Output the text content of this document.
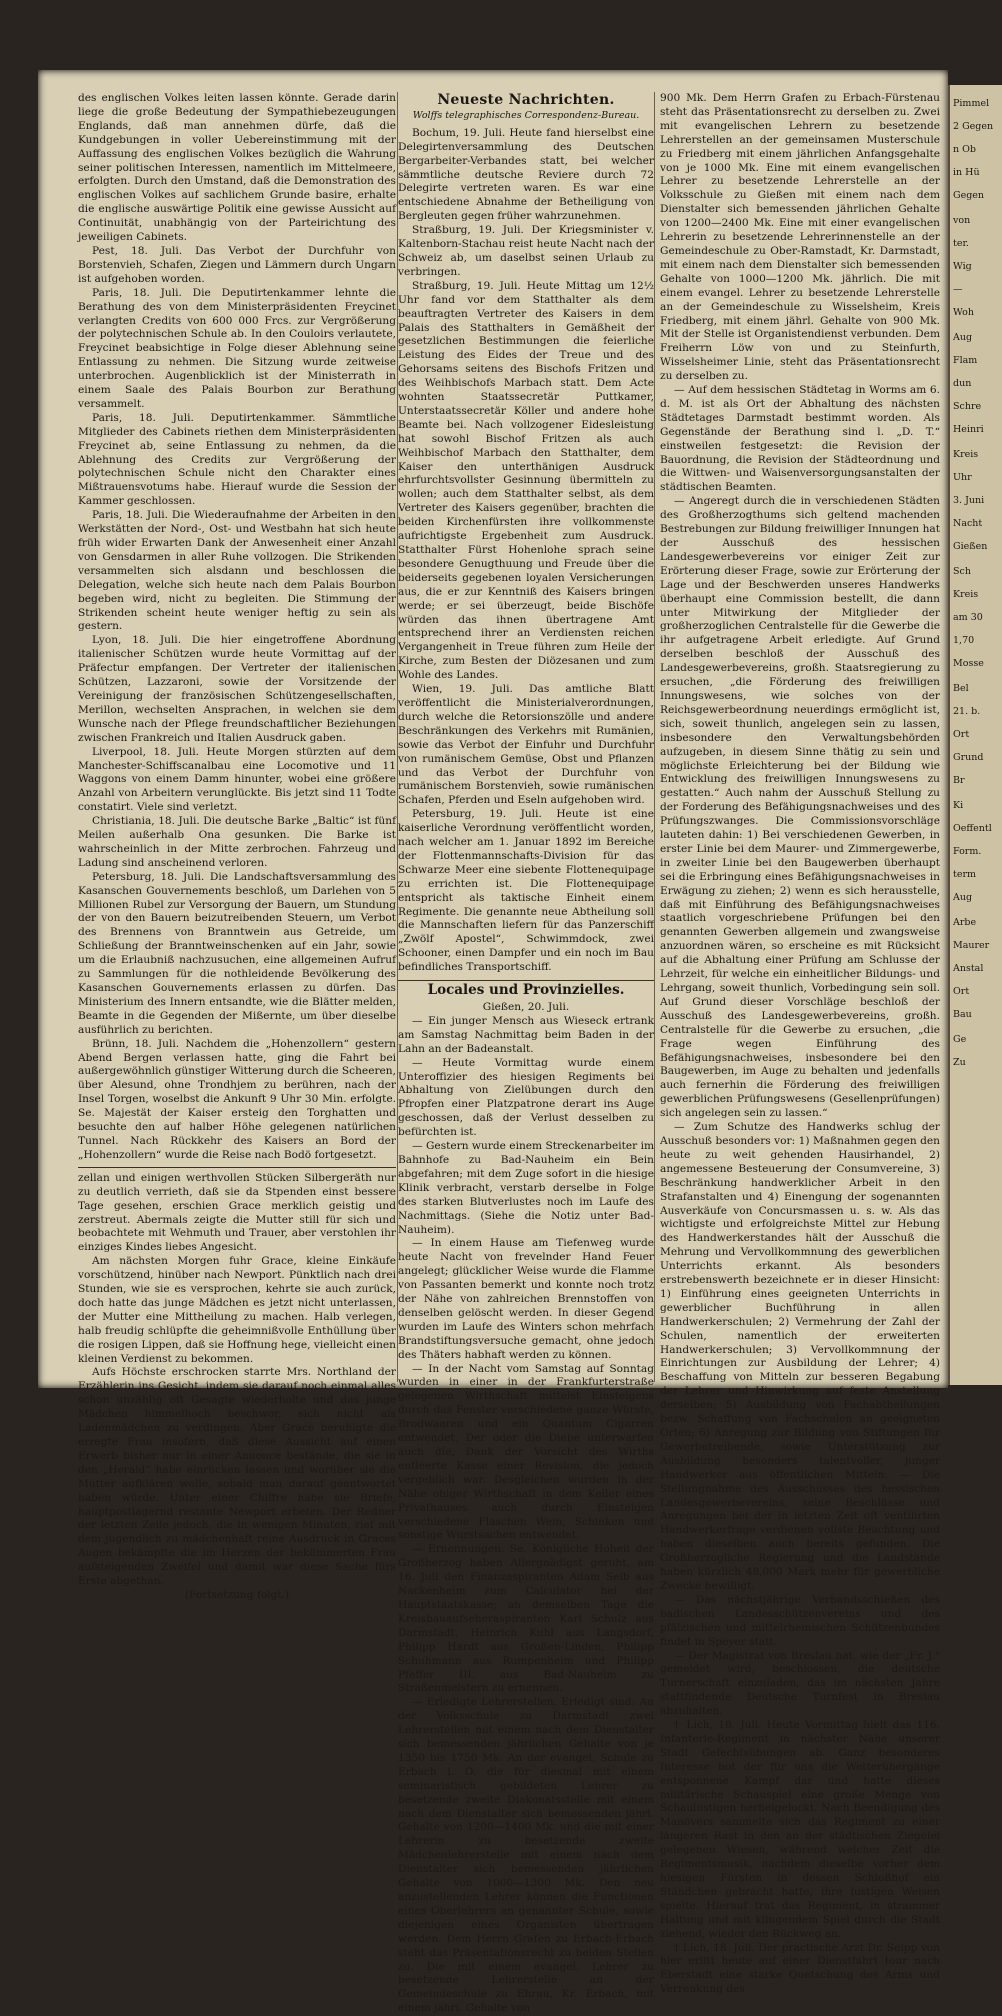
des englischen Volkes leiten lassen könnte. Gerade darin liege die große Bedeutung der Sympathiebezeugungen Englands, daß man annehmen dürfe, daß die Kundgebungen in voller Uebereinstimmung mit der Auffassung des englischen Volkes bezüglich die Wahrung seiner politischen Interessen, namentlich im Mittelmeere, erfolgten. Durch den Umstand, daß die Demonstration des englischen Volkes auf sachlichem Grunde basire, erhalte die englische auswärtige Politik eine gewisse Aussicht auf Continuität, unabhängig von der Parteirichtung des jeweiligen Cabinets.

Pest, 18. Juli. Das Verbot der Durchfuhr von Borstenvieh, Schafen, Ziegen und Lämmern durch Ungarn ist aufgehoben worden.

Paris, 18. Juli. Die Deputirtenkammer lehnte die Berathung des von dem Ministerpräsidenten Freycinet verlangten Credits von 600 000 Frcs. zur Vergrößerung der polytechnischen Schule ab. In den Couloirs verlautete, Freycinet beabsichtige in Folge dieser Ablehnung seine Entlassung zu nehmen. Die Sitzung wurde zeitweise unterbrochen. Augenblicklich ist der Ministerrath in einem Saale des Palais Bourbon zur Berathung versammelt.

Paris, 18. Juli. Deputirtenkammer. Sämmtliche Mitglieder des Cabinets riethen dem Ministerpräsidenten Freycinet ab, seine Entlassung zu nehmen, da die Ablehnung des Credits zur Vergrößerung der polytechnischen Schule nicht den Charakter eines Mißtrauensvotums habe. Hierauf wurde die Session der Kammer geschlossen.

Paris, 18. Juli. Die Wiederaufnahme der Arbeiten in den Werkstätten der Nord-, Ost- und Westbahn hat sich heute früh wider Erwarten Dank der Anwesenheit einer Anzahl von Gensdarmen in aller Ruhe vollzogen. Die Strikenden versammelten sich alsdann und beschlossen die Delegation, welche sich heute nach dem Palais Bourbon begeben wird, nicht zu begleiten. Die Stimmung der Strikenden scheint heute weniger heftig zu sein als gestern.

Lyon, 18. Juli. Die hier eingetroffene Abordnung italienischer Schützen wurde heute Vormittag auf der Präfectur empfangen. Der Vertreter der italienischen Schützen, Lazzaroni, sowie der Vorsitzende der Vereinigung der französischen Schützengesellschaften, Merillon, wechselten Ansprachen, in welchen sie dem Wunsche nach der Pflege freundschaftlicher Beziehungen zwischen Frankreich und Italien Ausdruck gaben.

Liverpool, 18. Juli. Heute Morgen stürzten auf dem Manchester-Schiffscanalbau eine Locomotive und 11 Waggons von einem Damm hinunter, wobei eine größere Anzahl von Arbeitern verunglückte. Bis jetzt sind 11 Todte constatirt. Viele sind verletzt.

Christiania, 18. Juli. Die deutsche Barke „Baltic“ ist fünf Meilen außerhalb Ona gesunken. Die Barke ist wahrscheinlich in der Mitte zerbrochen. Fahrzeug und Ladung sind anscheinend verloren.

Petersburg, 18. Juli. Die Landschaftsversammlung des Kasanschen Gouvernements beschloß, um Darlehen von 5 Millionen Rubel zur Versorgung der Bauern, um Stundung der von den Bauern beizutreibenden Steuern, um Verbot des Brennens von Branntwein aus Getreide, um Schließung der Branntweinschenken auf ein Jahr, sowie um die Erlaubniß nachzusuchen, eine allgemeinen Aufruf zu Sammlungen für die nothleidende Bevölkerung des Kasanschen Gouvernements erlassen zu dürfen. Das Ministerium des Innern entsandte, wie die Blätter melden, Beamte in die Gegenden der Mißernte, um über dieselbe ausführlich zu berichten.

Brünn, 18. Juli. Nachdem die „Hohenzollern“ gestern Abend Bergen verlassen hatte, ging die Fahrt bei außergewöhnlich günstiger Witterung durch die Scheeren, über Alesund, ohne Trondhjem zu berühren, nach der Insel Torgen, woselbst die Ankunft 9 Uhr 30 Min. erfolgte. Se. Majestät der Kaiser ersteig den Torghatten und besuchte den auf halber Höhe gelegenen natürlichen Tunnel. Nach Rückkehr des Kaisers an Bord der „Hohenzollern“ wurde die Reise nach Bodö fortgesetzt.

zellan und einigen werthvollen Stücken Silbergeräth nur zu deutlich verrieth, daß sie da Stpenden einst bessere Tage gesehen, erschien Grace merklich geistig und zerstreut. Abermals zeigte die Mutter still für sich und beobachtete mit Wehmuth und Trauer, aber verstohlen ihr einziges Kindes liebes Angesicht.

Am nächsten Morgen fuhr Grace, kleine Einkäufe vorschützend, hinüber nach Newport. Pünktlich nach drei Stunden, wie sie es versprochen, kehrte sie auch zurück, doch hatte das junge Mädchen es jetzt nicht unterlassen, der Mutter eine Mittheilung zu machen. Halb verlegen, halb freudig schlüpfte die geheimnißvolle Enthüllung über die rosigen Lippen, daß sie Hoffnung hege, vielleicht einen kleinen Verdienst zu bekommen.

Aufs Höchste erschrocken starrte Mrs. Northland der Erzählerin ins Gesicht, indem sie darauf noch einmal alles schon unzählig oft Gesagte wiederholte und das junge Mädchen himmelhoch beschwor, sich nicht als Ladenmädchen zu verdingen. Aber Grace beruhigte die erregte Frau insofern, daß diese Aussicht auf einen Erwerb bisher nur in einer Annonce bestände, die sie in den „Herald“ habe einrücken lassen und worüber sie die Mutter aufklären wolle, sobald man darauf geantwortet haben würde. Unter einer Chiffre habe sie Briefe, hauptpostlagernd restante Newport erbeten. Der Redner der letzten Zeile jedoch, die in wenigen Minuten, rief mit dem jugendlich zu mädchenhaft reine Ausdruck in Graces Augen bekämpfte die im Herzen der bekümmerten Frau aufsteigenden Zweifel und damit war diese Sache fürs Erste abgethan.

(Fortsetzung folgt.)

Neueste Nachrichten.
Wolffs telegraphisches Correspondenz-Bureau.

Bochum, 19. Juli. Heute fand hierselbst eine Delegirtenversammlung des Deutschen Bergarbeiter-Verbandes statt, bei welcher sämmtliche deutsche Reviere durch 72 Delegirte vertreten waren. Es war eine entschiedene Abnahme der Betheiligung von Bergleuten gegen früher wahrzunehmen.

Straßburg, 19. Juli. Der Kriegsminister v. Kaltenborn-Stachau reist heute Nacht nach der Schweiz ab, um daselbst seinen Urlaub zu verbringen.

Straßburg, 19. Juli. Heute Mittag um 12½ Uhr fand vor dem Statthalter als dem beauftragten Vertreter des Kaisers in dem Palais des Statthalters in Gemäßheit der gesetzlichen Bestimmungen die feierliche Leistung des Eides der Treue und des Gehorsams seitens des Bischofs Fritzen und des Weihbischofs Marbach statt. Dem Acte wohnten Staatssecretär Puttkamer, Unterstaatssecretär Köller und andere hohe Beamte bei. Nach vollzogener Eidesleistung hat sowohl Bischof Fritzen als auch Weihbischof Marbach den Statthalter, dem Kaiser den unterthänigen Ausdruck ehrfurchtsvollster Gesinnung übermitteln zu wollen; auch dem Statthalter selbst, als dem Vertreter des Kaisers gegenüber, brachten die beiden Kirchenfürsten ihre vollkommenste aufrichtigste Ergebenheit zum Ausdruck. Statthalter Fürst Hohenlohe sprach seine besondere Genugthuung und Freude über die beiderseits gegebenen loyalen Versicherungen aus, die er zur Kenntniß des Kaisers bringen werde; er sei überzeugt, beide Bischöfe würden das ihnen übertragene Amt entsprechend ihrer an Verdiensten reichen Vergangenheit in Treue führen zum Heile der Kirche, zum Besten der Diözesanen und zum Wohle des Landes.

Wien, 19. Juli. Das amtliche Blatt veröffentlicht die Ministerialverordnungen, durch welche die Retorsionszölle und andere Beschränkungen des Verkehrs mit Rumänien, sowie das Verbot der Einfuhr und Durchfuhr von rumänischem Gemüse, Obst und Pflanzen und das Verbot der Durchfuhr von rumänischem Borstenvieh, sowie rumänischen Schafen, Pferden und Eseln aufgehoben wird.

Petersburg, 19. Juli. Heute ist eine kaiserliche Verordnung veröffentlicht worden, nach welcher am 1. Januar 1892 im Bereiche der Flottenmannschafts-Division für das Schwarze Meer eine siebente Flottenequipage zu errichten ist. Die Flottenequipage entspricht als taktische Einheit einem Regimente. Die genannte neue Abtheilung soll die Mannschaften liefern für das Panzerschiff „Zwölf Apostel“, Schwimmdock, zwei Schooner, einen Dampfer und ein noch im Bau befindliches Transportschiff.

Locales und Provinzielles.

Gießen, 20. Juli.

— Ein junger Mensch aus Wieseck ertrank am Samstag Nachmittag beim Baden in der Lahn an der Badeanstalt.

— Heute Vormittag wurde einem Unteroffizier des hiesigen Regiments bei Abhaltung von Zielübungen durch den Pfropfen einer Platzpatrone derart ins Auge geschossen, daß der Verlust desselben zu befürchten ist.

— Gestern wurde einem Streckenarbeiter im Bahnhofe zu Bad-Nauheim ein Bein abgefahren; mit dem Zuge sofort in die hiesige Klinik verbracht, verstarb derselbe in Folge des starken Blutverlustes noch im Laufe des Nachmittags. (Siehe die Notiz unter Bad-Nauheim).

— In einem Hause am Tiefenweg wurde heute Nacht von frevelnder Hand Feuer angelegt; glücklicher Weise wurde die Flamme von Passanten bemerkt und konnte noch trotz der Nähe von zahlreichen Brennstoffen von denselben gelöscht werden. In dieser Gegend wurden im Laufe des Winters schon mehrfach Brandstiftungsversuche gemacht, ohne jedoch des Thäters habhaft werden zu können.

— In der Nacht vom Samstag auf Sonntag wurden in einer in der Frankfurterstraße gelegenen Wirthschaft mittelst Einsteigens durch das Fenster verschiedene ganze Würste, Brodwaaren und ein Quantum Cigarren entwendet. Der oder die Diebe unterwarfen auch die, Dank der Vorsicht des Wirths entleerte Kasse einer Revision, die jedoch vergeblich war. Desgleichen wurden in der Nähe obiger Wirthschaft in dem Keller eines Privathauses auch durch Einsteigen verschiedene Flaschen Wein, Schinken und sonstige Wurstsachen entwendet.

— Ernennungen. Se. Königliche Hoheit der Großherzog haben Allergnädigst geruht, am 16. Juli den Finanzaspiranten Adam Seib aus Nackenheim zum Calculator bei der Hauptstaatskasse; an demselben Tage die Kreisbauaufseheraspiranten Karl Schulz aus Darmstadt, Heinrich Kuhl aus Langsdorf, Philipp Hardt aus Großen-Linden, Philipp Schuhmann aus Rumpenheim und Philipp Pfeffer III. aus Bad-Nauheim zu Straßenmeistern zu ernennen.

— Erledigte Lehrerstellen. Erledigt sind: An der Volksschule zu Darmstadt zwei Lehrerstellen mit einem nach dem Dienstalter sich bemessenden jährlichen Gehalte von je 1350 bis 1750 Mk. An der evangel. Schule zu Erbach i. O. die für diesmal mit einem seminaristisch gebildeten Lehrer zu besetzende zweite Diakonatsstelle mit einem nach dem Dienstalter sich bemessenden jährl. Gehalte von 1200—1400 Mk. und die mit einer Lehrerin zu besetzende zweite Mädchenlehrerstelle mit einem nach dem Dienstalter sich bemessenden jährlichen Gehalte von 1000—1300 Mk. Den neu anzustellenden Lehrer können die Functionen eines Oberlehrers an genannter Schule, sowie diejenigen eines Organisten übertragen werden. Dem Herrn Grafen zu Erbach-Erbach steht das Präsentationsrecht zu beiden Stellen zu. Die mit einem evangel. Lehrer zu besetzende Lehrerstelle an der Gemeindeschule zu Ehrau, Kr. Erbach, mit einem jährl. Gehalte von

900 Mk. Dem Herrn Grafen zu Erbach-Fürstenau steht das Präsentationsrecht zu derselben zu. Zwei mit evangelischen Lehrern zu besetzende Lehrerstellen an der gemeinsamen Musterschule zu Friedberg mit einem jährlichen Anfangsgehalte von je 1000 Mk. Eine mit einem evangelischen Lehrer zu besetzende Lehrerstelle an der Volksschule zu Gießen mit einem nach dem Dienstalter sich bemessenden jährlichen Gehalte von 1200—2400 Mk. Eine mit einer evangelischen Lehrerin zu besetzende Lehrerinnenstelle an der Gemeindeschule zu Ober-Ramstadt, Kr. Darmstadt, mit einem nach dem Dienstalter sich bemessenden Gehalte von 1000—1200 Mk. jährlich. Die mit einem evangel. Lehrer zu besetzende Lehrerstelle an der Gemeindeschule zu Wisselsheim, Kreis Friedberg, mit einem jährl. Gehalte von 900 Mk. Mit der Stelle ist Organistendienst verbunden. Dem Freiherrn Löw von und zu Steinfurth, Wisselsheimer Linie, steht das Präsentationsrecht zu derselben zu.

— Auf dem hessischen Städtetag in Worms am 6. d. M. ist als Ort der Abhaltung des nächsten Städtetages Darmstadt bestimmt worden. Als Gegenstände der Berathung sind l. „D. T.“ einstweilen festgesetzt: die Revision der Bauordnung, die Revision der Städteordnung und die Wittwen- und Waisenversorgungsanstalten der städtischen Beamten.

— Angeregt durch die in verschiedenen Städten des Großherzogthums sich geltend machenden Bestrebungen zur Bildung freiwilliger Innungen hat der Ausschuß des hessischen Landesgewerbevereins vor einiger Zeit zur Erörterung dieser Frage, sowie zur Erörterung der Lage und der Beschwerden unseres Handwerks überhaupt eine Commission bestellt, die dann unter Mitwirkung der Mitglieder der großherzoglichen Centralstelle für die Gewerbe die ihr aufgetragene Arbeit erledigte. Auf Grund derselben beschloß der Ausschuß des Landesgewerbevereins, großh. Staatsregierung zu ersuchen, „die Förderung des freiwilligen Innungswesens, wie solches von der Reichsgewerbeordnung neuerdings ermöglicht ist, sich, soweit thunlich, angelegen sein zu lassen, insbesondere den Verwaltungsbehörden aufzugeben, in diesem Sinne thätig zu sein und möglichste Erleichterung bei der Bildung wie Entwicklung des freiwilligen Innungswesens zu gestatten.“ Auch nahm der Ausschuß Stellung zu der Forderung des Befähigungsnachweises und des Prüfungszwanges. Die Commissionsvorschläge lauteten dahin: 1) Bei verschiedenen Gewerben, in erster Linie bei dem Maurer- und Zimmergewerbe, in zweiter Linie bei den Baugewerben überhaupt sei die Erbringung eines Befähigungsnachweises in Erwägung zu ziehen; 2) wenn es sich herausstelle, daß mit Einführung des Befähigungsnachweises staatlich vorgeschriebene Prüfungen bei den genannten Gewerben allgemein und zwangsweise anzuordnen wären, so erscheine es mit Rücksicht auf die Abhaltung einer Prüfung am Schlusse der Lehrzeit, für welche ein einheitlicher Bildungs- und Lehrgang, soweit thunlich, Vorbedingung sein soll. Auf Grund dieser Vorschläge beschloß der Ausschuß des Landesgewerbevereins, großh. Centralstelle für die Gewerbe zu ersuchen, „die Frage wegen Einführung des Befähigungsnachweises, insbesondere bei den Baugewerben, im Auge zu behalten und jedenfalls auch fernerhin die Förderung des freiwilligen gewerblichen Prüfungswesens (Gesellenprüfungen) sich angelegen sein zu lassen.“

— Zum Schutze des Handwerks schlug der Ausschuß besonders vor: 1) Maßnahmen gegen den heute zu weit gehenden Hausirhandel, 2) angemessene Besteuerung der Consumvereine, 3) Beschränkung handwerklicher Arbeit in den Strafanstalten und 4) Einengung der sogenannten Ausverkäufe von Concursmassen u. s. w. Als das wichtigste und erfolgreichste Mittel zur Hebung des Handwerkerstandes hält der Ausschuß die Mehrung und Vervollkommnung des gewerblichen Unterrichts erkannt. Als besonders erstrebenswerth bezeichnete er in dieser Hinsicht: 1) Einführung eines geeigneten Unterrichts in gewerblicher Buchführung in allen Handwerkerschulen; 2) Vermehrung der Zahl der Schulen, namentlich der erweiterten Handwerkerschulen; 3) Vervollkommnung der Einrichtungen zur Ausbildung der Lehrer; 4) Beschaffung von Mitteln zur besseren Begabung der Lehrer und Hinwirkung auf feste Anstellung derselben; 5) Ausbildung von Fachabtheilungen bezw. Schaffung von Fachschulen an geeigneten Orten; 6) Anregung zur Bildung von Stiftungen für Gewerbetreibende, sowie Unterstützung zur Ausbildung besonders talentvoller, junger Handwerker aus öffentlichen Mitteln. — Die Stellungnahme des Ausschusses des hessischen Landesgewerbevereins, seine Beschlüsse und Anregungen bei der in letzten Zeit oft ventilirten Handwerkerfrage verdienen vollste Beachtung und haben dieselben auch bereits gefunden. Die Großherzogliche Regierung und die Landstände haben kürzlich 48,000 Mark mehr für gewerbliche Zwecke bewilligt.

— Das nächstjährige Verbandsschießen des badischen Landesschützenvereins und des pfälzischen und mittelrheinischen Schützenbundes findet in Speyer statt.

— Der Magistrat von Breslau hat, wie der „Fr. J.“ gemeldet wird, beschlossen, die deutsche Turnerschaft einzuladen, das im nächsten Jahre stattfindende Deutsche Turnfest in Breslau abzuhalten.

† Lich, 18. Juli. Heute Vormittag hielt das 116. Infanterie-Regiment in nächster Nähe unserer Stadt Gefechtsübungen ab. Ganz besonderes Interesse bot der für uns die Wetterübergänge entsponnene Kampf dar und hatte dieses militärische Schauspiel eine große Menge von Schaulustigen herbeigelockt. Nach Beendigung des Manövers sammelte sich das Regiment zu einer längeren Rast in den an der städtischen Ziegelei gelegenen Wiesen, während welcher Zeit die Regimentsmusik, nachdem dieselbe vorher dem hiesigen Fürsten in dessen Schloßhof ein Ständchen gebracht hatte, ihre lustigen Weisen spielte. Hierauf trat das Regiment, in strammer Haltung und mit klingendem Spiel durch die Stadt ziehend, wieder den Rückweg an.

† Lich, 18. Juli. Der practische Arzt Dr. Seipp von hier erlitt heute auf einer Dienstfahrt tour nach Eberstadt eine starke Quetschung des Arms und Verrenkung des

Pimmel
2 Gegen
n Ob
in Hü
Gegen
von
ter.
Wig
—
Woh
Aug
Flam
dun
Schre
Heinri
Kreis
Uhr
3. Juni
Nacht
Gießen
Sch
Kreis
am 30
1,70
Mosse
Bel
21. b.
Ort
Grund
Br
Ki
Oeffentl
Form.
term
Aug
Arbe
Maurer
Anstal
Ort
Bau
Ge
Zu
